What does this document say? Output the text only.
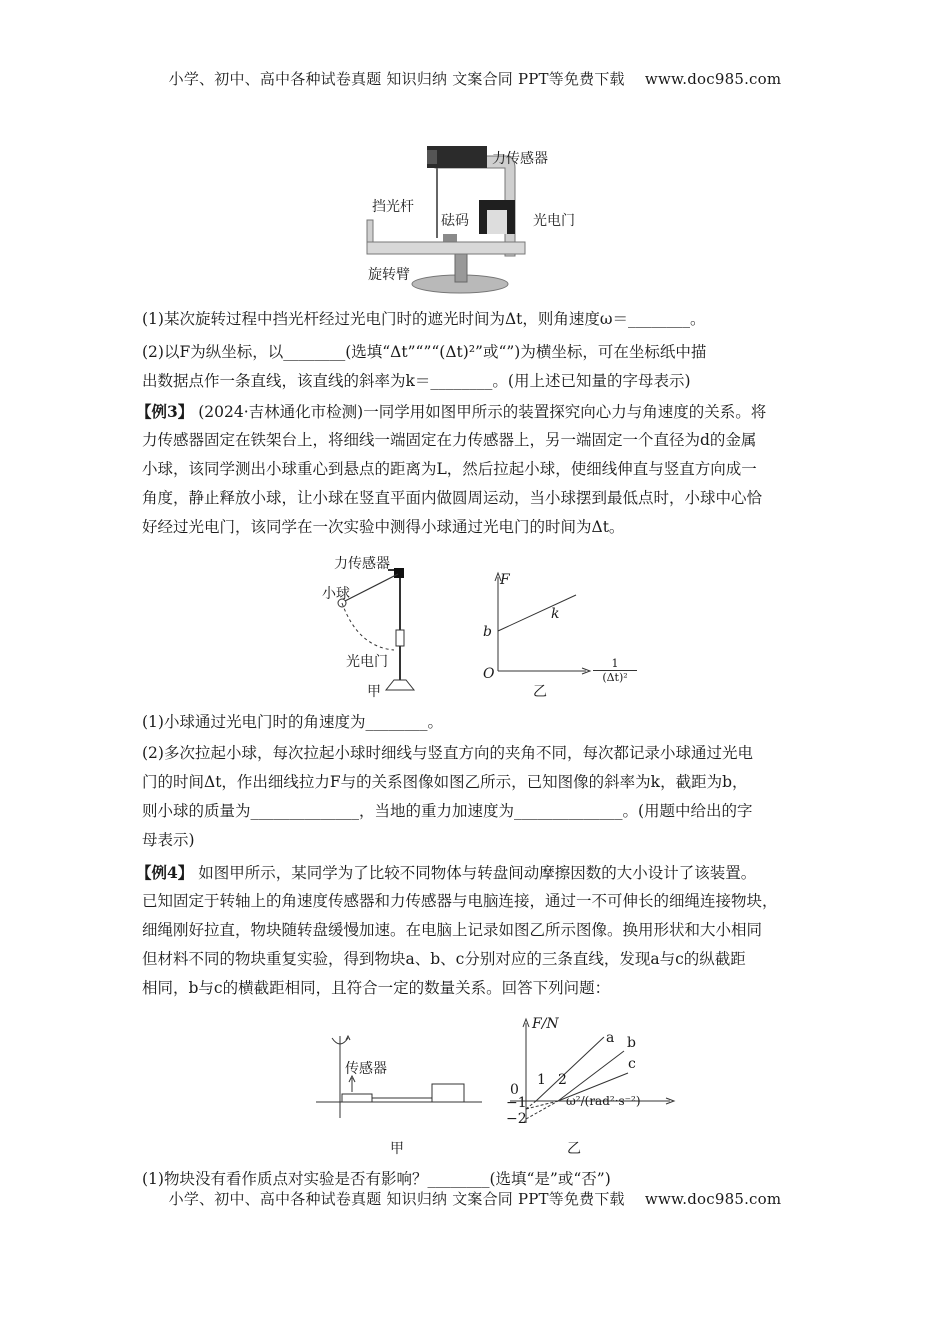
小学、初中、高中各种试卷真题 知识归纳 文案合同 PPT等免费下载　 www.doc985.com
力传感器
挡光杆
砝码	光电门
旋转臂
(1)某次旋转过程中挡光杆经过光电门时的遮光时间为Δt，则角速度ω＝________。
(2)以F为纵坐标，以________(选填“Δt”“”“(Δt)²”或“”)为横坐标，可在坐标纸中描
出数据点作一条直线，该直线的斜率为k＝________。(用上述已知量的字母表示)
【例3】 (2024·吉林通化市检测)一同学用如图甲所示的装置探究向心力与角速度的关系。将
力传感器固定在铁架台上，将细线一端固定在力传感器上，另一端固定一个直径为d的金属
小球，该同学测出小球重心到悬点的距离为L，然后拉起小球，使细线伸直与竖直方向成一
角度，静止释放小球，让小球在竖直平面内做圆周运动，当小球摆到最低点时，小球中心恰
好经过光电门，该同学在一次实验中测得小球通过光电门的时间为Δt。
力传感器
小球
光电门
甲
F
b
k
O	$\frac{1}{\text{(Δt)²}}$
乙
(1)小球通过光电门时的角速度为________。
(2)多次拉起小球，每次拉起小球时细线与竖直方向的夹角不同，每次都记录小球通过光电
门的时间Δt，作出细线拉力F与的关系图像如图乙所示，已知图像的斜率为k，截距为b，
则小球的质量为______________，当地的重力加速度为______________。(用题中给出的字
母表示)
【例4】 如图甲所示，某同学为了比较不同物体与转盘间动摩擦因数的大小设计了该装置。
已知固定于转轴上的角速度传感器和力传感器与电脑连接，通过一不可伸长的细绳连接物块，
细绳刚好拉直，物块随转盘缓慢加速。在电脑上记录如图乙所示图像。换用形状和大小相同
但材料不同的物块重复实验，得到物块a、b、c分别对应的三条直线，发现a与c的纵截距
相同，b与c的横截距相同，且符合一定的数量关系。回答下列问题：
传感器
甲
F/N
a b
c
0
−1
−2
1 2
ω²/(rad²·s⁻²)
乙
(1)物块没有看作质点对实验是否有影响？________(选填“是”或“否”)
小学、初中、高中各种试卷真题 知识归纳 文案合同 PPT等免费下载　 www.doc985.com
